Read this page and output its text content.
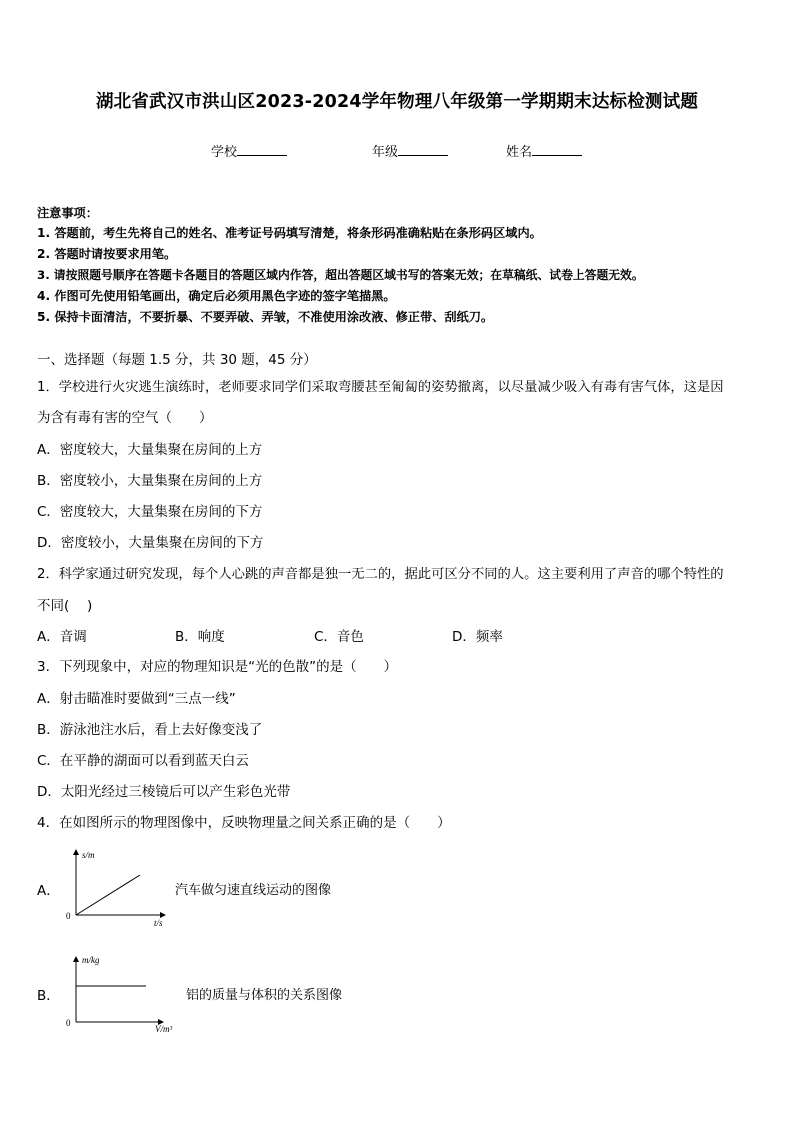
湖北省武汉市洪山区2023-2024学年物理八年级第一学期期末达标检测试题
学校	年级	姓名
注意事项：
1. 答题前，考生先将自己的姓名、准考证号码填写清楚，将条形码准确粘贴在条形码区域内。
2. 答题时请按要求用笔。
3. 请按照题号顺序在答题卡各题目的答题区域内作答，超出答题区域书写的答案无效；在草稿纸、试卷上答题无效。
4. 作图可先使用铅笔画出，确定后必须用黑色字迹的签字笔描黑。
5. 保持卡面清洁，不要折暴、不要弄破、弄皱，不准使用涂改液、修正带、刮纸刀。
一、选择题（每题 1.5 分，共 30 题，45 分）
1．学校进行火灾逃生演练时，老师要求同学们采取弯腰甚至匍匐的姿势撤离，以尽量减少吸入有毒有害气体，这是因
为含有毒有害的空气（　　）
A．密度较大，大量集聚在房间的上方
B．密度较小，大量集聚在房间的上方
C．密度较大，大量集聚在房间的下方
D．密度较小，大量集聚在房间的下方
2．科学家通过研究发现，每个人心跳的声音都是独一无二的，据此可区分不同的人。这主要利用了声音的哪个特性的
不同(　 )
A．音调	B．响度	C．音色	D．频率
3．下列现象中，对应的物理知识是“光的色散”的是（　　）
A．射击瞄准时要做到“三点一线”
B．游泳池注水后，看上去好像变浅了
C．在平静的湖面可以看到蓝天白云
D．太阳光经过三棱镜后可以产生彩色光带
4．在如图所示的物理图像中，反映物理量之间关系正确的是（　　）
A．
s/m
t/s
0
汽车做匀速直线运动的图像
B．
m/kg
V/m³
0
铝的质量与体积的关系图像
